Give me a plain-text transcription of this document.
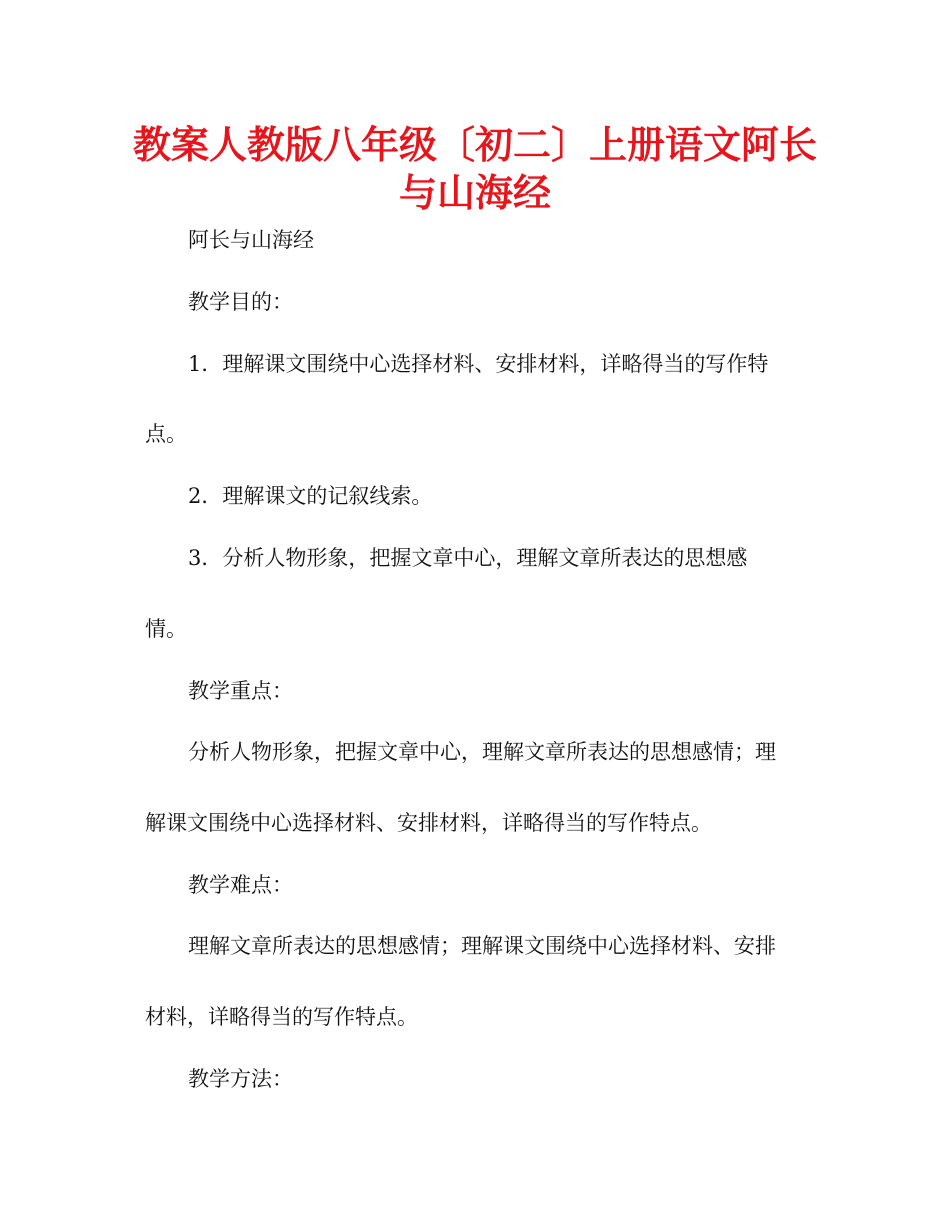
教案人教版八年级〔初二〕上册语文阿长
与山海经
阿长与山海经
教学目的：
1．理解课文围绕中心选择材料、安排材料，详略得当的写作特
点。
2．理解课文的记叙线索。
3．分析人物形象，把握文章中心，理解文章所表达的思想感
情。
教学重点：
分析人物形象，把握文章中心，理解文章所表达的思想感情；理
解课文围绕中心选择材料、安排材料，详略得当的写作特点。
教学难点：
理解文章所表达的思想感情；理解课文围绕中心选择材料、安排
材料，详略得当的写作特点。
教学方法：
